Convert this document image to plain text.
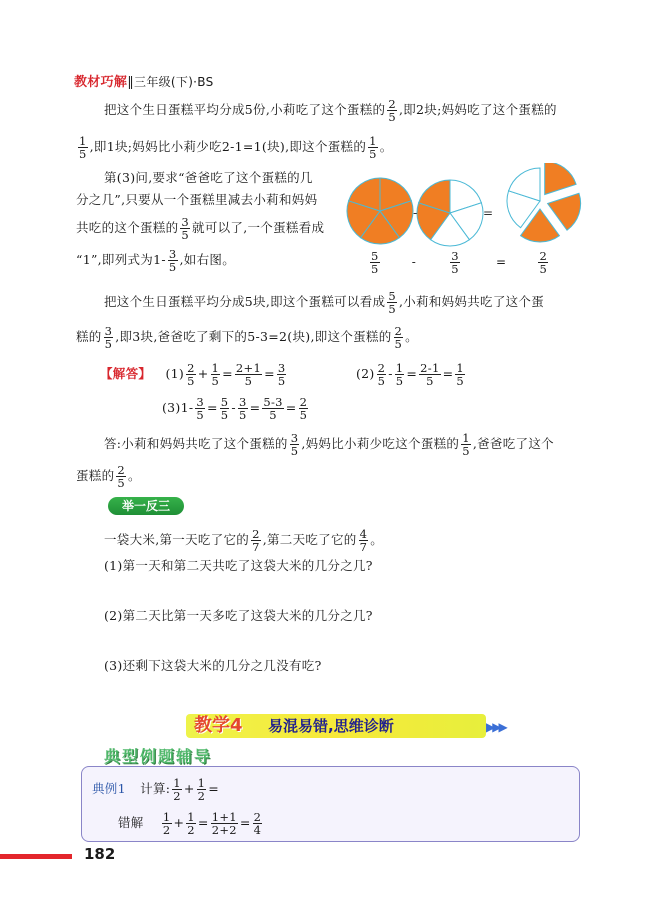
教材巧解‖三年级(下)·BS
把这个生日蛋糕平均分成5份,小莉吃了这个蛋糕的 $\frac{2}{5}$ ,即2块;妈妈吃了这个蛋糕的
$\frac{1}{5}$ ,即1块;妈妈比小莉少吃2-1=1(块),即这个蛋糕的 $\frac{1}{5}$ 。
第(3)问,要求“爸爸吃了这个蛋糕的几
分之几”,只要从一个蛋糕里减去小莉和妈妈
共吃的这个蛋糕的 $\frac{3}{5}$ 就可以了,一个蛋糕看成
“1”,即列式为$1- \frac{3}{5}$ ,如右图。
-	=
$\frac{5}{5}$	-	$\frac{3}{5}$	=	$\frac{2}{5}$
把这个生日蛋糕平均分成5块,即这个蛋糕可以看成 $\frac{5}{5}$ ,小莉和妈妈共吃了这个蛋
糕的 $\frac{3}{5}$ ,即3块,爸爸吃了剩下的5-3=2(块),即这个蛋糕的 $\frac{2}{5}$ 。
【解答】 $(1) \frac{2}{5} + \frac{1}{5} = \frac{2+1}{5} = \frac{3}{5}$	$(2) \frac{2}{5} - \frac{1}{5} = \frac{2-1}{5} = \frac{1}{5}$
$(3)1- \frac{3}{5} = \frac{5}{5} - \frac{3}{5} = \frac{5-3}{5} = \frac{2}{5}$
答:小莉和妈妈共吃了这个蛋糕的 $\frac{3}{5}$ ,妈妈比小莉少吃这个蛋糕的 $\frac{1}{5}$ ,爸爸吃了这个
蛋糕的 $\frac{2}{5}$ 。
举一反三
一袋大米,第一天吃了它的 $\frac{2}{7}$ ,第二天吃了它的 $\frac{4}{7}$ 。
(1)第一天和第二天共吃了这袋大米的几分之几?
(2)第二天比第一天多吃了这袋大米的几分之几?
(3)还剩下这袋大米的几分之几没有吃?
教学4 易混易错,思维诊断	▶▶▶
典型例题辅导
典例1 计算: $\frac{1}{2} + \frac{1}{2}$ =
错解 $\frac{1}{2} + \frac{1}{2} = \frac{1+1}{2+2} = \frac{2}{4}$
182
